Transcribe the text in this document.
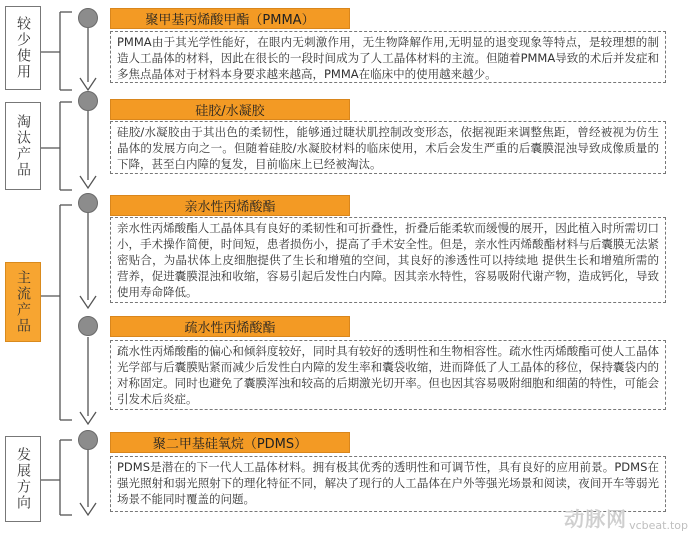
较少使用
淘汰产品
主流产品
发展方向
聚甲基丙烯酸甲酯（PMMA）
PMMA由于其光学性能好，在眼内无刺激作用，无生物降解作用,无明显的退变现象等特点，是较理想的制造人工晶体的材料，因此在很长的一段时间成为了人工晶体材料的主流。但随着PMMA导致的术后并发症和多焦点晶体对于材料本身要求越来越高，PMMA在临床中的使用越来越少。
硅胶/水凝胶
硅胶/水凝胶由于其出色的柔韧性，能够通过睫状肌控制改变形态，依据视距来调整焦距，曾经被视为仿生晶体的发展方向之一。但随着硅胶/水凝胶材料的临床使用，术后会发生严重的后囊膜混浊导致成像质量的下降，甚至白内障的复发，目前临床上已经被淘汰。
亲水性丙烯酸酯
亲水性丙烯酸酯人工晶体具有良好的柔韧性和可折叠性，折叠后能柔软而缓慢的展开，因此植入时所需切口小，手术操作简便，时间短，患者损伤小，提高了手术安全性。但是，亲水性丙烯酸酯材料与后囊膜无法紧密贴合，为晶状体上皮细胞提供了生长和增殖的空间，其良好的渗透性可以持续地 提供生长和增殖所需的营养，促进囊膜混浊和收缩，容易引起后发性白内障。因其亲水特性，容易吸附代谢产物，造成钙化，导致使用寿命降低。
疏水性丙烯酸酯
疏水性丙烯酸酯的偏心和倾斜度较好，同时具有较好的透明性和生物相容性。疏水性丙烯酸酯可使人工晶体光学部与后囊膜贴紧而减少后发性白内障的发生率和囊袋收缩，进而降低了人工晶体的移位，保持囊袋内的对称固定。同时也避免了囊膜浑浊和较高的后期激光切开率。但也因其容易吸附细胞和细菌的特性，可能会引发术后炎症。
聚二甲基硅氧烷（PDMS）
PDMS是潜在的下一代人工晶体材料。拥有极其优秀的透明性和可调节性，具有良好的应用前景。PDMS在强光照射和弱光照射下的理化特征不同，解决了现行的人工晶体在户外等强光场景和阅读，夜间开车等弱光场景不能同时覆盖的问题。
动脉网 vcbeat.top
